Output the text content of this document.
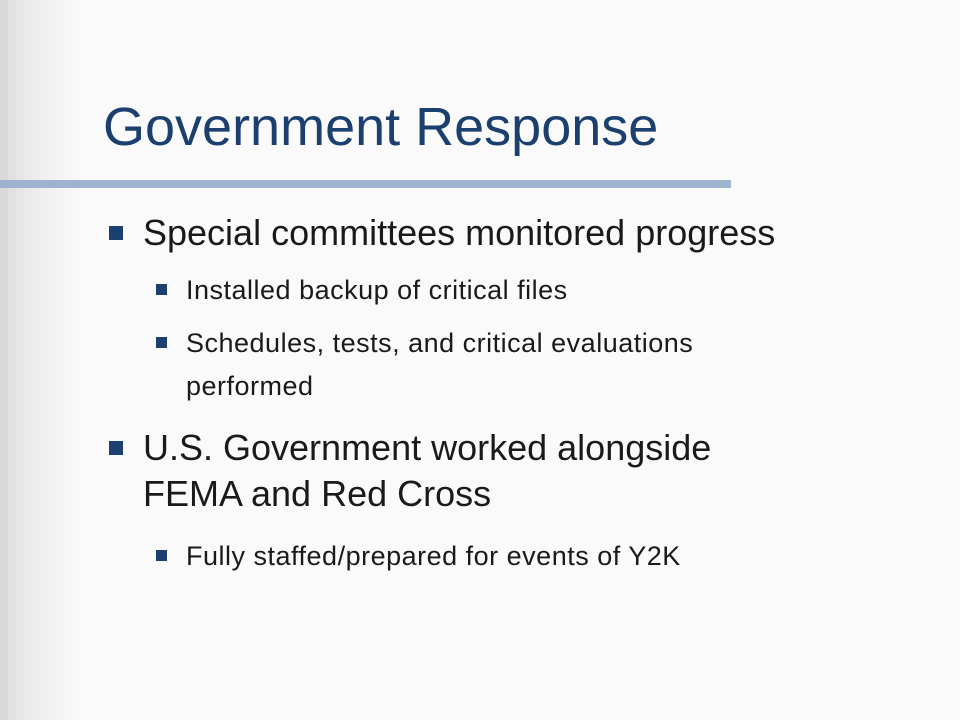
Government Response
Special committees monitored progress
Installed backup of critical files
Schedules, tests, and critical evaluations
performed
U.S. Government worked alongside
FEMA and Red Cross
Fully staffed/prepared for events of Y2K
